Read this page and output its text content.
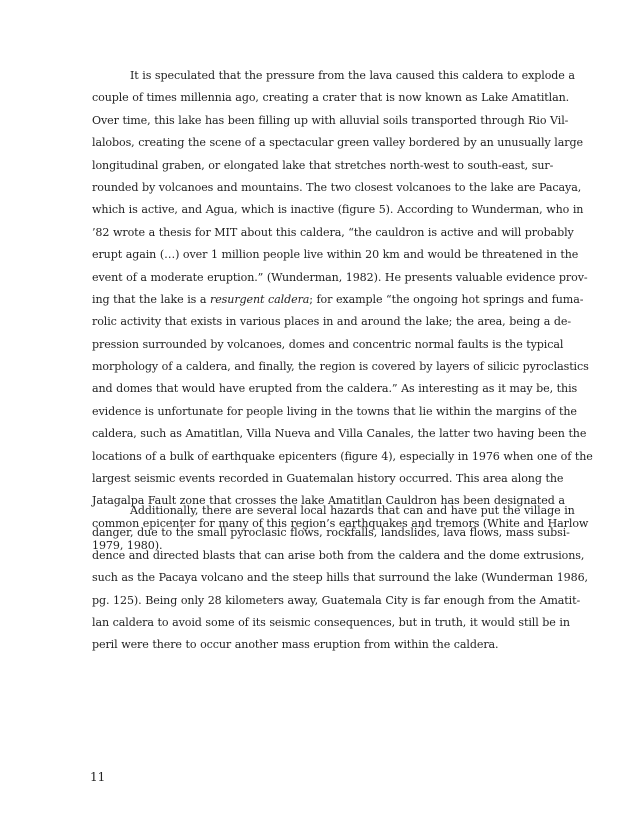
It is speculated that the pressure from the lava caused this caldera to explode a
couple of times millennia ago, creating a crater that is now known as Lake Amatitlan.
Over time, this lake has been filling up with alluvial soils transported through Rio Vil-
lalobos, creating the scene of a spectacular green valley bordered by an unusually large
longitudinal graben, or elongated lake that stretches north-west to south-east, sur-
rounded by volcanoes and mountains. The two closest volcanoes to the lake are Pacaya,
which is active, and Agua, which is inactive (figure 5). According to Wunderman, who in
’82 wrote a thesis for MIT about this caldera, “the cauldron is active and will probably
erupt again (…) over 1 million people live within 20 km and would be threatened in the
event of a moderate eruption.” (Wunderman, 1982). He presents valuable evidence prov-
ing that the lake is a resurgent caldera; for example “the ongoing hot springs and fuma-
rolic activity that exists in various places in and around the lake; the area, being a de-
pression surrounded by volcanoes, domes and concentric normal faults is the typical
morphology of a caldera, and finally, the region is covered by layers of silicic pyroclastics
and domes that would have erupted from the caldera.” As interesting as it may be, this
evidence is unfortunate for people living in the towns that lie within the margins of the
caldera, such as Amatitlan, Villa Nueva and Villa Canales, the latter two having been the
locations of a bulk of earthquake epicenters (figure 4), especially in 1976 when one of the
largest seismic events recorded in Guatemalan history occurred. This area along the
Jatagalpa Fault zone that crosses the lake Amatitlan Cauldron has been designated a
common epicenter for many of this region’s earthquakes and tremors (White and Harlow
1979, 1980).
Additionally, there are several local hazards that can and have put the village in
danger, due to the small pyroclasic flows, rockfalls, landslides, lava flows, mass subsi-
dence and directed blasts that can arise both from the caldera and the dome extrusions,
such as the Pacaya volcano and the steep hills that surround the lake (Wunderman 1986,
pg. 125). Being only 28 kilometers away, Guatemala City is far enough from the Amatit-
lan caldera to avoid some of its seismic consequences, but in truth, it would still be in
peril were there to occur another mass eruption from within the caldera.
11
